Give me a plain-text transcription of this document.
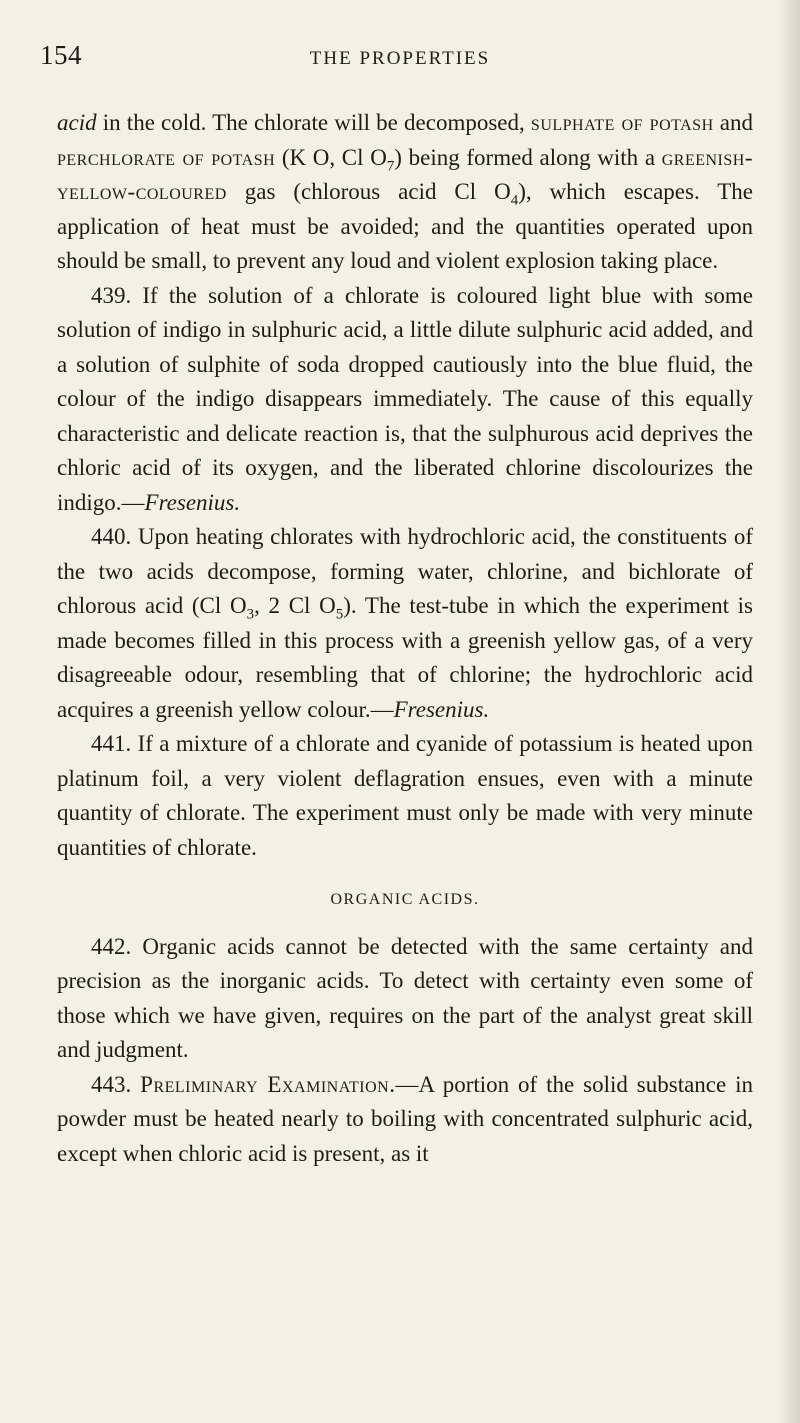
154	THE PROPERTIES

acid in the cold. The chlorate will be decomposed, sulphate of potash and perchlorate of potash (K O, Cl $O_7$) being formed along with a greenish-yellow-coloured gas (chlorous acid Cl $O_4$), which escapes. The application of heat must be avoided; and the quantities operated upon should be small, to prevent any loud and violent explosion taking place.

439. If the solution of a chlorate is coloured light blue with some solution of indigo in sulphuric acid, a little dilute sulphuric acid added, and a solution of sulphite of soda dropped cautiously into the blue fluid, the colour of the indigo disappears immediately. The cause of this equally characteristic and delicate reaction is, that the sulphurous acid deprives the chloric acid of its oxygen, and the liberated chlorine discolourizes the indigo.—Fresenius.

440. Upon heating chlorates with hydrochloric acid, the constituents of the two acids decompose, forming water, chlorine, and bichlorate of chlorous acid (Cl $O_3$, 2 Cl $O_5$). The test-tube in which the experiment is made becomes filled in this process with a greenish yellow gas, of a very disagreeable odour, resembling that of chlorine; the hydrochloric acid acquires a greenish yellow colour.—Fresenius.

441. If a mixture of a chlorate and cyanide of potassium is heated upon platinum foil, a very violent deflagration ensues, even with a minute quantity of chlorate. The experiment must only be made with very minute quantities of chlorate.

ORGANIC ACIDS.

442. Organic acids cannot be detected with the same certainty and precision as the inorganic acids. To detect with certainty even some of those which we have given, requires on the part of the analyst great skill and judgment.

443. Preliminary Examination.—A portion of the solid substance in powder must be heated nearly to boiling with concentrated sulphuric acid, except when chloric acid is present, as it
